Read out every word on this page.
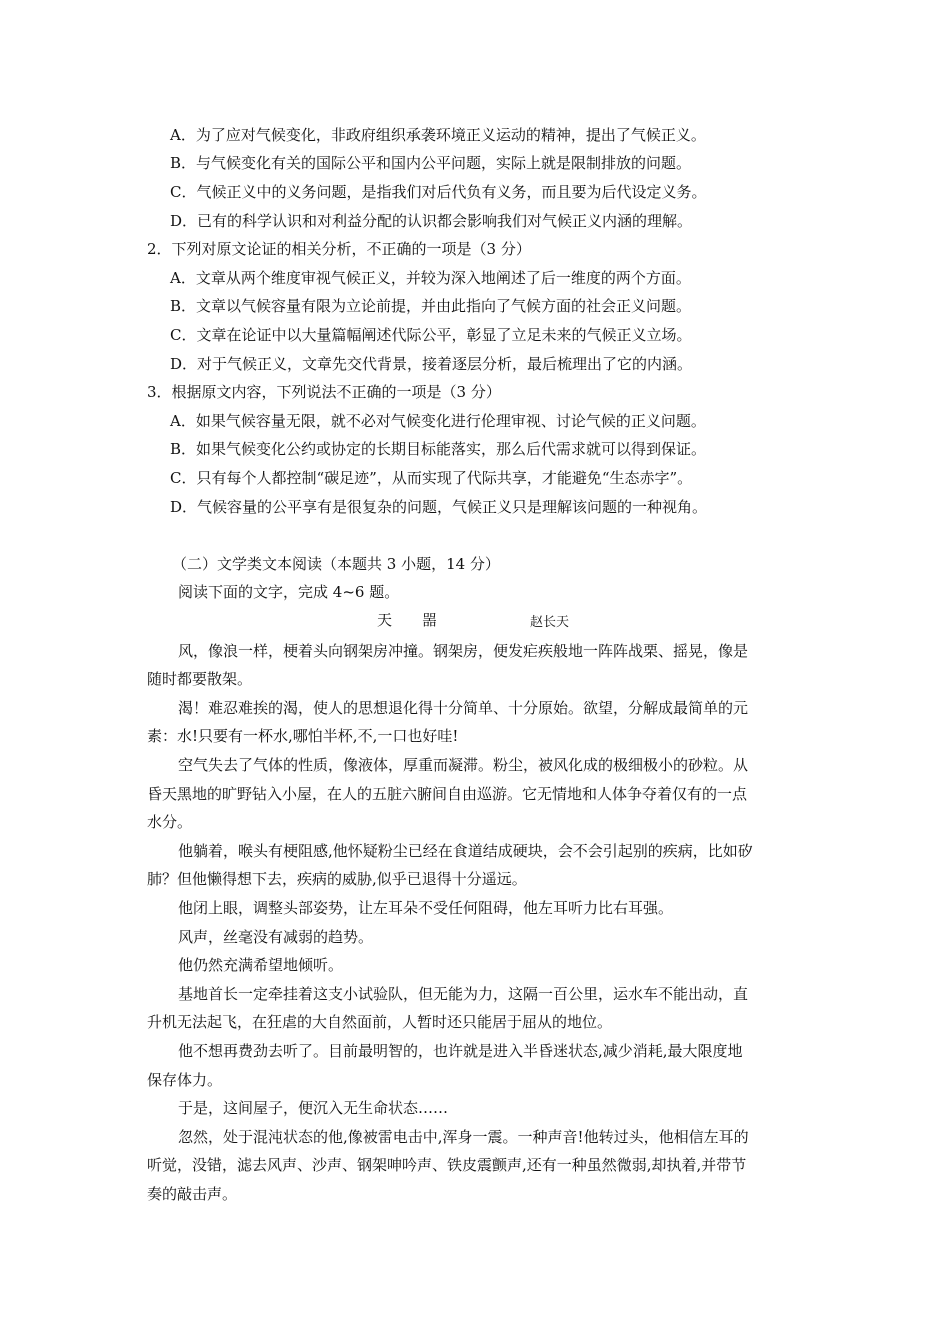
A．为了应对气候变化，非政府组织承袭环境正义运动的精神，提出了气候正义。
B．与气候变化有关的国际公平和国内公平问题，实际上就是限制排放的问题。
C．气候正义中的义务问题，是指我们对后代负有义务，而且要为后代设定义务。
D．已有的科学认识和对利益分配的认识都会影响我们对气候正义内涵的理解。
2．下列对原文论证的相关分析，不正确的一项是（3 分）
A．文章从两个维度审视气候正义，并较为深入地阐述了后一维度的两个方面。
B．文章以气候容量有限为立论前提，并由此指向了气候方面的社会正义问题。
C．文章在论证中以大量篇幅阐述代际公平，彰显了立足未来的气候正义立场。
D．对于气候正义，文章先交代背景，接着逐层分析，最后梳理出了它的内涵。
3．根据原文内容，下列说法不正确的一项是（3 分）
A．如果气候容量无限，就不必对气候变化进行伦理审视、讨论气候的正义问题。
B．如果气候变化公约或协定的长期目标能落实，那么后代需求就可以得到保证。
C．只有每个人都控制“碳足迹”，从而实现了代际共享，才能避免“生态赤字”。
D．气候容量的公平享有是很复杂的问题，气候正义只是理解该问题的一种视角。
（二）文学类文本阅读（本题共 3 小题，14 分）
阅读下面的文字，完成 4~6 题。
天　　噐	赵长天
风，像浪一样，梗着头向钢架房冲撞。钢架房，便发疟疾般地一阵阵战栗、摇晃，像是
随时都要散架。
渴！难忍难挨的渴，使人的思想退化得十分简单、十分原始。欲望，分解成最简单的元
素：水!只要有一杯水,哪怕半杯,不,一口也好哇!
空气失去了气体的性质，像液体，厚重而凝滞。粉尘，被风化成的极细极小的砂粒。从
昏天黑地的旷野钻入小屋，在人的五脏六腑间自由巡游。它无情地和人体争夺着仅有的一点
水分。
他躺着，喉头有梗阻感,他怀疑粉尘已经在食道结成硬块，会不会引起别的疾病，比如矽
肺？但他懒得想下去，疾病的威胁,似乎已退得十分遥远。
他闭上眼，调整头部姿势，让左耳朵不受任何阻碍，他左耳听力比右耳强。
风声，丝毫没有减弱的趋势。
他仍然充满希望地倾听。
基地首长一定牵挂着这支小试验队，但无能为力，这隔一百公里，运水车不能出动，直
升机无法起飞，在狂虐的大自然面前，人暂时还只能居于屈从的地位。
他不想再费劲去听了。目前最明智的，也许就是进入半昏迷状态,减少消耗,最大限度地
保存体力。
于是，这间屋子，便沉入无生命状态……
忽然，处于混沌状态的他,像被雷电击中,浑身一震。一种声音!他转过头，他相信左耳的
听觉，没错，滤去风声、沙声、钢架呻吟声、铁皮震颤声,还有一种虽然微弱,却执着,并带节
奏的敲击声。
